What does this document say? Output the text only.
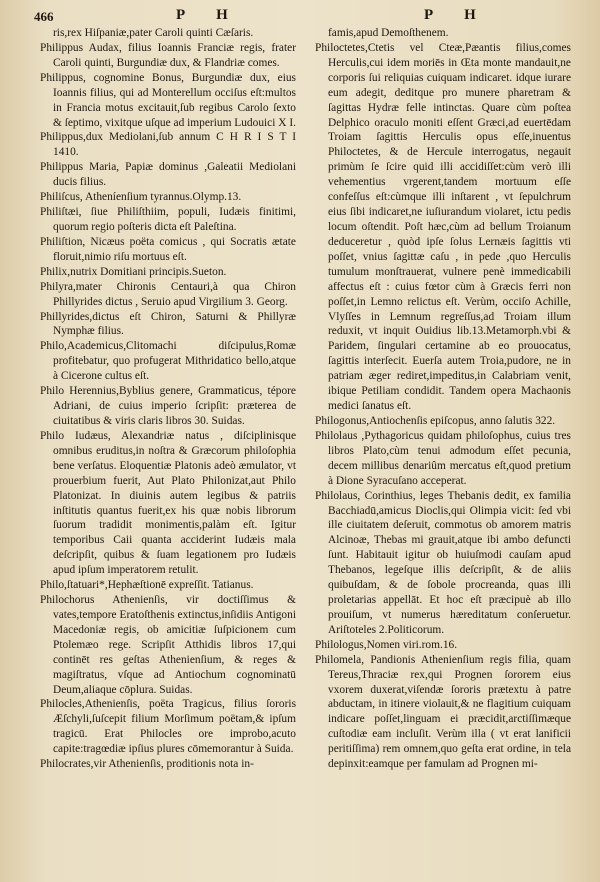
466	P H	P H

ris,rex Hiſpaniæ,pater Caroli quinti Cæſaris.

Philippus Audax, filius Ioannis Franciæ regis, frater Caroli quinti, Burgundiæ dux, & Flandriæ comes.

Philippus, cognomine Bonus, Burgundiæ dux, eius Ioannis filius, qui ad Monterellum occiſus eſt:multos in Francia motus excitauit,ſub regibus Carolo ſexto & ſeptimo, vixitque uſque ad imperium Ludouici X I.

Philippus,dux Mediolani,ſub annum C H R I S T I 1410.

Philippus Maria, Papiæ dominus ,Galeatii Mediolani ducis filius.

Philiſcus, Atheníenſium tyrannus.Olymp.13.

Philiſtæi, ſiue Philiſthiim, populi, Iudæis finitimi, quorum regio poſteris dicta eſt Paleſtina.

Philiſtion, Nicæus poëta comicus , qui Socratis ætate floruit,nimio riſu mortuus eſt.

Philix,nutrix Domitiani principis.Sueton.

Philyra,mater Chironis Centauri,à qua Chiron Phillyrides dictus , Seruio apud Virgilium 3. Georg.

Phillyrides,dictus eſt Chiron, Saturni & Phillyræ Nymphæ filius.

Philo,Academicus,Clitomachi diſcipulus,Romæ profitebatur, quo profugerat Mithridatico bello,atque à Cicerone cultus eſt.

Philo Herennius,Byblius genere, Grammaticus, tépore Adriani, de cuius imperio ſcripſit: præterea de ciuitatibus & viris claris libros 30. Suidas.

Philo Iudæus, Alexandriæ natus , diſciplinisque omnibus eruditus,in noſtra & Græcorum philoſophia bene verſatus. Eloquentiæ Platonis adeò æmulator, vt prouerbium fuerit, Aut Plato Philonizat,aut Philo Platonizat. In diuinis autem legibus & patriis inſtitutis quantus fuerit,ex his quæ nobis librorum ſuorum tradidit monimentis,palàm eſt. Igitur temporibus Caii quanta acciderint Iudæis mala deſcripſit, quibus & ſuam legationem pro Iudæis apud ipſum imperatorem retulit.

Philo,ſtatuari*,Hephæſtionē expreſſit. Tatianus.

Philochorus Athenienſis, vir doctiſſimus & vates,tempore Eratoſthenis extinctus,inſidiis Antigoni Macedoniæ regis, ob amicitiæ ſuſpicionem cum Ptolemæo rege. Scripſit Atthidis libros 17,qui continēt res geſtas Athenienſium, & reges & magiſtratus, vſque ad Antiochum cognominatū Deum,aliaque cōplura. Suidas.

Philocles,Athenienſis, poëta Tragicus, filius ſororis Æſchyli,ſuſcepit filium Morſimum poëtam,& ipſum tragicū. Erat Philocles ore improbo,acuto capite:tragœdiæ ipſius plures cōmemorantur à Suida.

Philocrates,vir Athenienſis, proditionis nota in-

famis,apud Demoſthenem.

Philoctetes,Ctetis vel Cteæ,Pæantis filius,comes Herculis,cui idem moriēs in Œta monte mandauit,ne corporis ſui reliquias cuiquam indicaret. idque iurare eum adegit, deditque pro munere pharetram & ſagittas Hydræ felle intinctas. Quare cùm poſtea Delphico oraculo moniti eſſent Græci,ad euertēdam Troiam ſagittis Herculis opus eſſe,inuentus Philoctetes, & de Hercule interrogatus, negauit primùm ſe ſcire quid illi accidiſſet:cùm verò illi vehementius vrgerent,tandem mortuum eſſe confeſſus eſt:cùmque illi inſtarent , vt ſepulchrum eius ſibi indicaret,ne iuſiurandum violaret, ictu pedis locum oſtendit. Poſt hæc,cùm ad bellum Troianum deduceretur , quòd ipſe ſolus Lernæis ſagittis vti poſſet, vnius ſagittæ caſu , in pede ,quo Herculis tumulum monſtrauerat, vulnere penè immedicabili affectus eſt : cuius fœtor cùm à Græcis ferri non poſſet,in Lemno relictus eſt. Verùm, occiſo Achille, Vlyſſes in Lemnum regreſſus,ad Troiam illum reduxit, vt inquit Ouidius lib.13.Metamorph.vbi & Paridem, ſingulari certamine ab eo prouocatus, ſagittis interſecit. Euerſa autem Troia,pudore, ne in patriam æger rediret,impeditus,in Calabriam venit, ibique Petiliam condidit. Tandem opera Machaonis medici ſanatus eſt.

Philogonus,Antiochenſis epiſcopus, anno ſalutis 322.

Philolaus ,Pythagoricus quidam philoſophus, cuius tres libros Plato,cùm tenui admodum eſſet pecunia, decem millibus denariûm mercatus eſt,quod pretium à Dione Syracuſano acceperat.

Philolaus, Corinthius, leges Thebanis dedit, ex familia Bacchiadū,amicus Dioclis,qui Olimpia vicit: ſed vbi ille ciuitatem deſeruit, commotus ob amorem matris Alcinoæ, Thebas mi grauit,atque ibi ambo defuncti ſunt. Habitauit igitur ob huiuſmodi cauſam apud Thebanos, legeſque illis deſcripſit, & de aliis quibuſdam, & de ſobole procreanda, quas illi proletarias appellāt. Et hoc eſt præcipuè ab illo prouiſum, vt numerus hæreditatum conſeruetur. Ariſtoteles 2.Politicorum.

Philologus,Nomen viri.rom.16.

Philomela, Pandionis Athenienſium regis filia, quam Tereus,Thraciæ rex,qui Prognen ſororem eius vxorem duxerat,viſendæ ſororis prætextu à patre abductam, in itinere violauit,& ne flagitium cuiquam indicare poſſet,linguam ei præcidit,arctiſſimæque cuſtodiæ eam incluſit. Verùm illa ( vt erat lanificii peritiſſima) rem omnem,quo geſta erat ordine, in tela depinxit:eamque per famulam ad Prognen mi-
